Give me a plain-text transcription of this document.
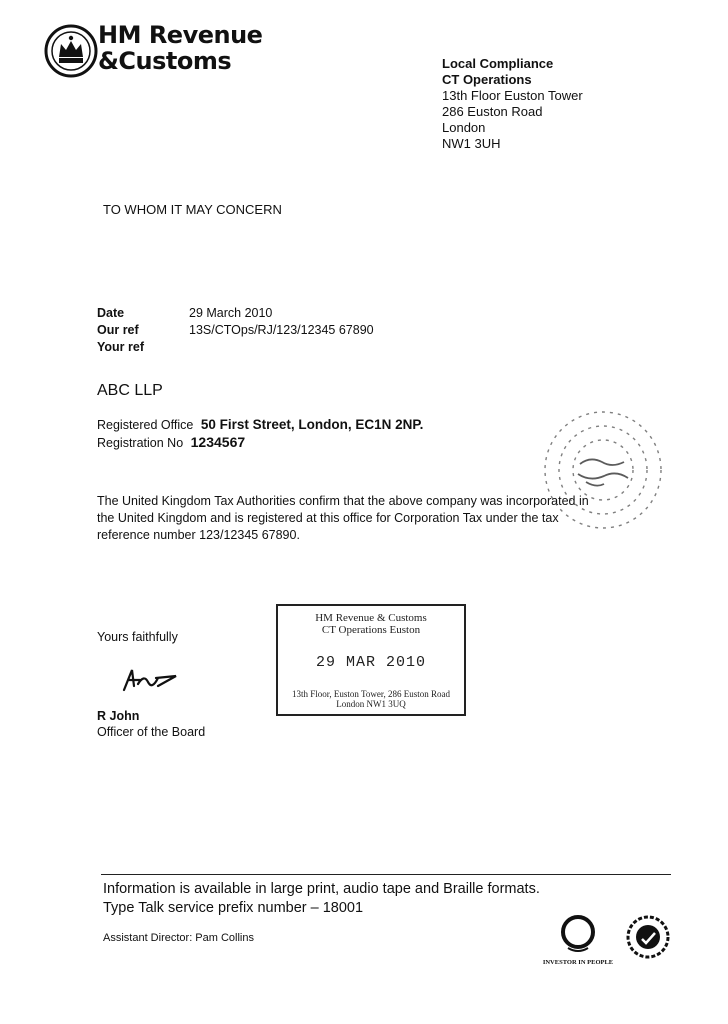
HM Revenue
&Customs	Local Compliance
CT Operations
13th Floor Euston Tower
286 Euston Road
London
NW1 3UH
TO WHOM IT MAY CONCERN
Date	29 March 2010
Our ref	13S/CTOps/RJ/123/12345 67890
Your ref
ABC LLP
Registered Office 50 First Street, London, EC1N 2NP.
Registration No 1234567
The United Kingdom Tax Authorities confirm that the above company was incorporated in
the United Kingdom and is registered at this office for Corporation Tax under the tax
reference number 123/12345 67890.
Yours faithfully
R John
Officer of the Board
HM Revenue & Customs
CT Operations Euston
29 MAR 2010
13th Floor, Euston Tower, 286 Euston Road
London NW1 3UQ
Information is available in large print, audio tape and Braille formats.
Type Talk service prefix number – 18001
Assistant Director: Pam Collins
INVESTOR IN PEOPLE
